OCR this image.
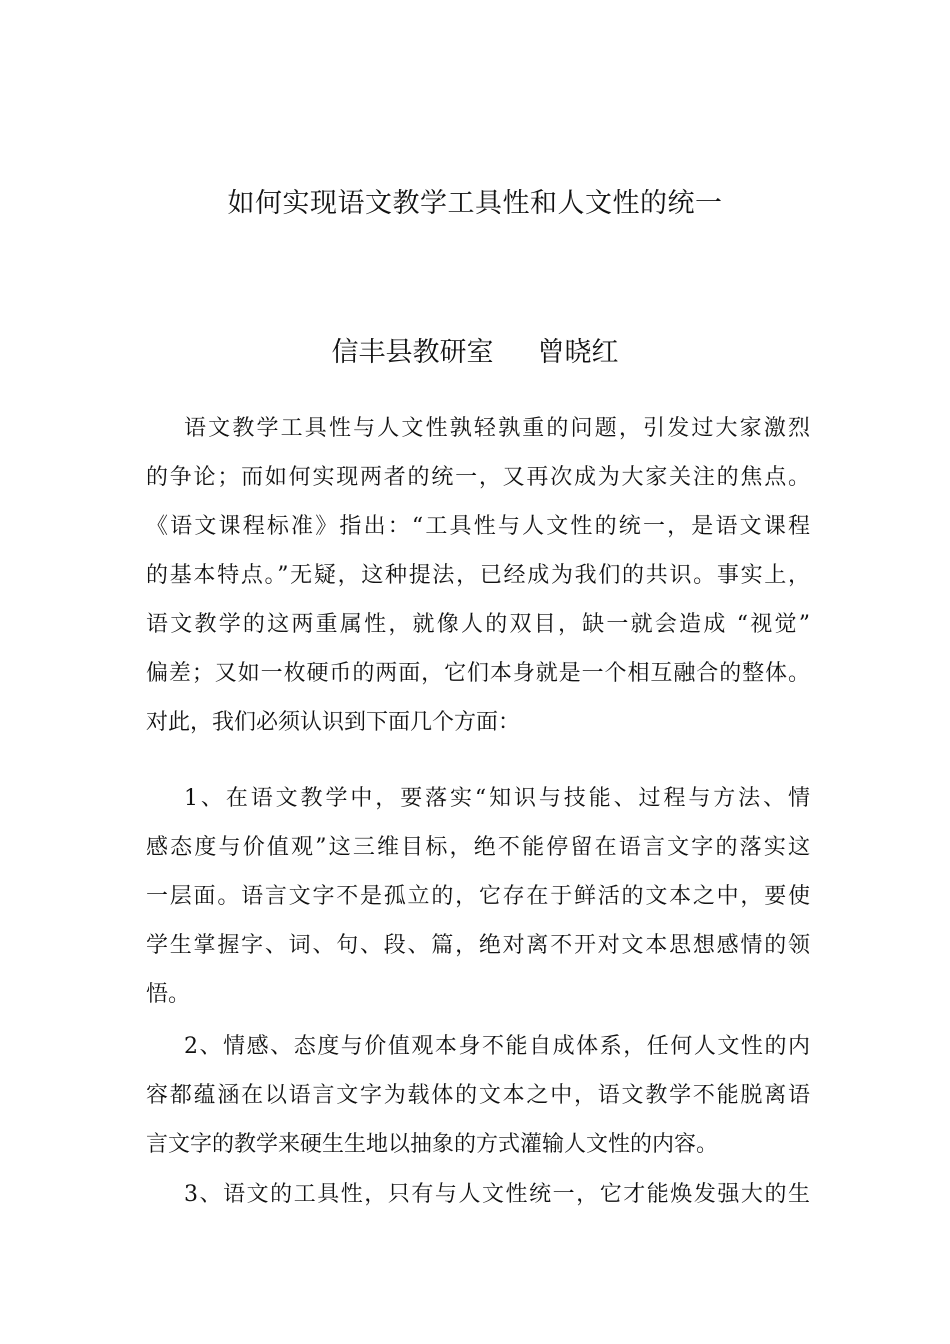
如何实现语文教学工具性和人文性的统一
信丰县教研室 曾晓红
语文教学工具性与人文性孰轻孰重的问题，引发过大家激烈
的争论；而如何实现两者的统一，又再次成为大家关注的焦点。
《语文课程标准》指出：“工具性与人文性的统一，是语文课程
的基本特点。”无疑，这种提法，已经成为我们的共识。事实上，
语文教学的这两重属性，就像人的双目，缺一就会造成 “视觉”
偏差；又如一枚硬币的两面，它们本身就是一个相互融合的整体。
对此，我们必须认识到下面几个方面：
1、在语文教学中，要落实“知识与技能、过程与方法、情
感态度与价值观”这三维目标，绝不能停留在语言文字的落实这
一层面。语言文字不是孤立的，它存在于鲜活的文本之中，要使
学生掌握字、词、句、段、篇，绝对离不开对文本思想感情的领
悟。
2、情感、态度与价值观本身不能自成体系，任何人文性的内
容都蕴涵在以语言文字为载体的文本之中，语文教学不能脱离语
言文字的教学来硬生生地以抽象的方式灌输人文性的内容。
3、语文的工具性，只有与人文性统一，它才能焕发强大的生
